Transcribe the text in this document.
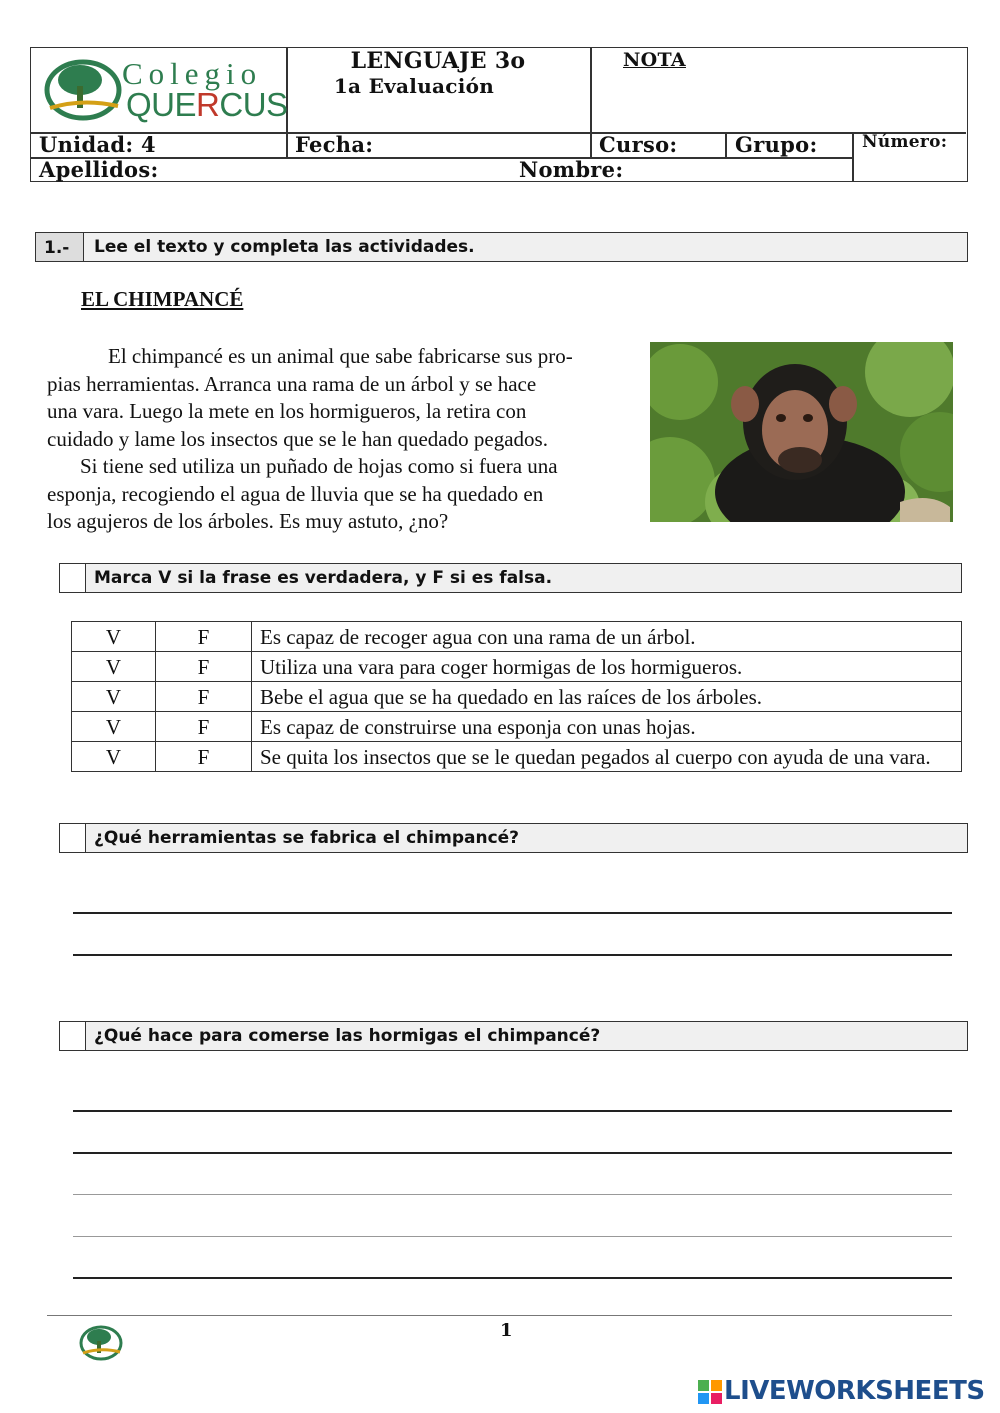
Colegio
QUERCUS
LENGUAJE 3o
1a Evaluación
NOTA
Unidad: 4	Fecha:	Curso:	Grupo:	Número:
Apellidos:	Nombre:
1.-	Lee el texto y completa las actividades.
EL CHIMPANCÉ

El chimpancé es un animal que sabe fabricarse sus pro-

pias herramientas. Arranca una rama de un árbol y se hace

una vara. Luego la mete en los hormigueros, la retira con

cuidado y lame los insectos que se le han quedado pegados.

Si tiene sed utiliza un puñado de hojas como si fuera una

esponja, recogiendo el agua de lluvia que se ha quedado en

los agujeros de los árboles. Es muy astuto, ¿no?

Marca V si la frase es verdadera, y F si es falsa.
V	F	Es capaz de recoger agua con una rama de un árbol.
V	F	Utiliza una vara para coger hormigas de los hormigueros.
V	F	Bebe el agua que se ha quedado en las raíces de los árboles.
V	F	Es capaz de construirse una esponja con unas hojas.
V	F	Se quita los insectos que se le quedan pegados al cuerpo con ayuda de una vara.
¿Qué herramientas se fabrica el chimpancé?
¿Qué hace para comerse las hormigas el chimpancé?
1
LIVEWORKSHEETS
